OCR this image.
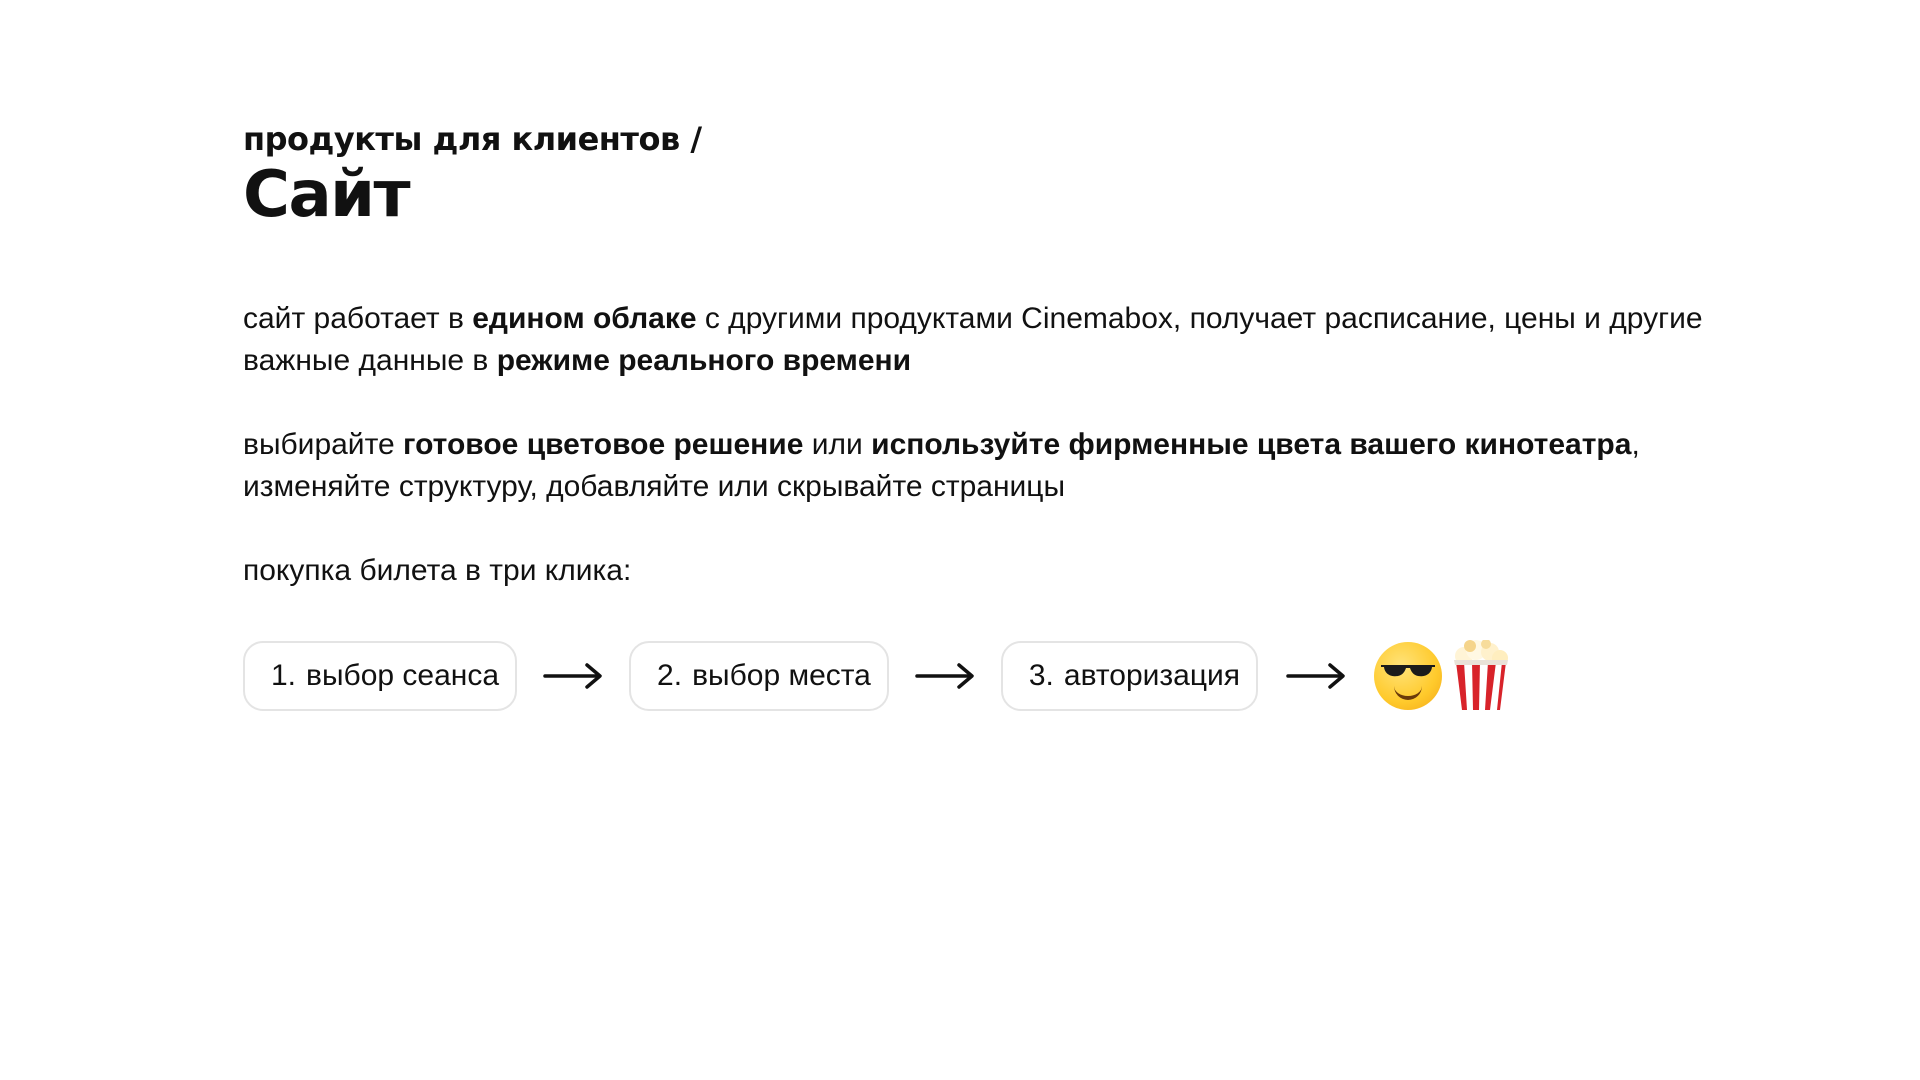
продукты для клиентов /

Сайт

сайт работает в едином облаке с другими продуктами Cinemabox, получает расписание, цены и другие важные данные в режиме реального времени

выбирайте готовое цветовое решение или используйте фирменные цвета вашего кинотеатра, изменяйте структуру, добавляйте или скрывайте страницы

покупка билета в три клика:

1. выбор сеанса	2. выбор места	3. авторизация
